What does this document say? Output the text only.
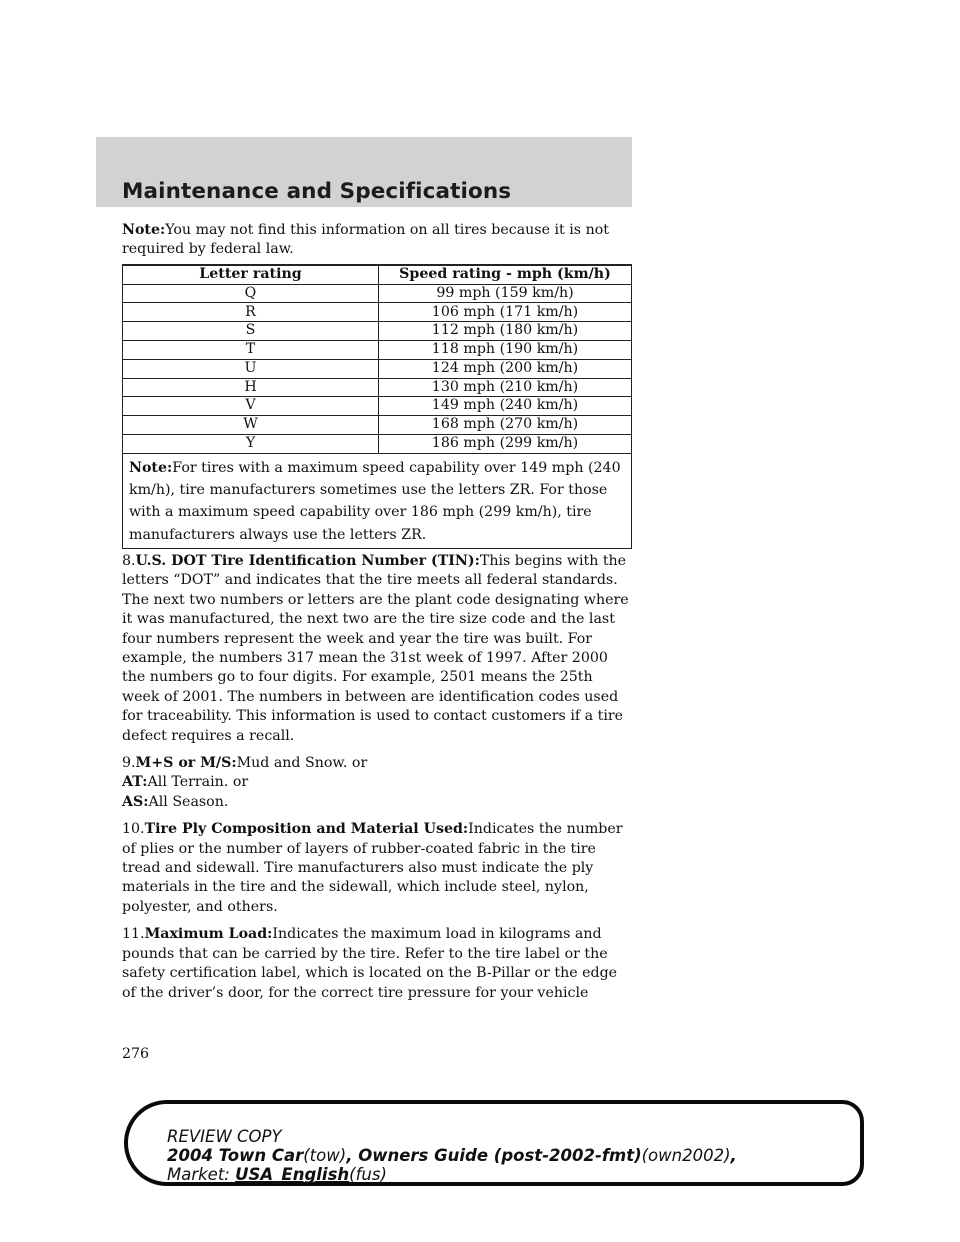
Maintenance and Specifications

Note:You may not find this information on all tires because it is not required by federal law.

Letter rating	Speed rating - mph (km/h)
Q	99 mph (159 km/h)
R	106 mph (171 km/h)
S	112 mph (180 km/h)
T	118 mph (190 km/h)
U	124 mph (200 km/h)
H	130 mph (210 km/h)
V	149 mph (240 km/h)
W	168 mph (270 km/h)
Y	186 mph (299 km/h)
Note:For tires with a maximum speed capability over 149 mph (240 km/h), tire manufacturers sometimes use the letters ZR. For those with a maximum speed capability over 186 mph (299 km/h), tire manufacturers always use the letters ZR.	

8.U.S. DOT Tire Identification Number (TIN):This begins with the letters “DOT” and indicates that the tire meets all federal standards. The next two numbers or letters are the plant code designating where it was manufactured, the next two are the tire size code and the last four numbers represent the week and year the tire was built. For example, the numbers 317 mean the 31st week of 1997. After 2000 the numbers go to four digits. For example, 2501 means the 25th week of 2001. The numbers in between are identification codes used for traceability. This information is used to contact customers if a tire defect requires a recall.

9.M+S or M/S:Mud and Snow. or
AT:All Terrain. or
AS:All Season.

10.Tire Ply Composition and Material Used:Indicates the number of plies or the number of layers of rubber-coated fabric in the tire tread and sidewall. Tire manufacturers also must indicate the ply materials in the tire and the sidewall, which include steel, nylon, polyester, and others.

11.Maximum Load:Indicates the maximum load in kilograms and pounds that can be carried by the tire. Refer to the tire label or the safety certification label, which is located on the B-Pillar or the edge of the driver’s door, for the correct tire pressure for your vehicle

276
REVIEW COPY
2004 Town Car(tow), Owners Guide (post-2002-fmt)(own2002),
Market: USA_English(fus)
